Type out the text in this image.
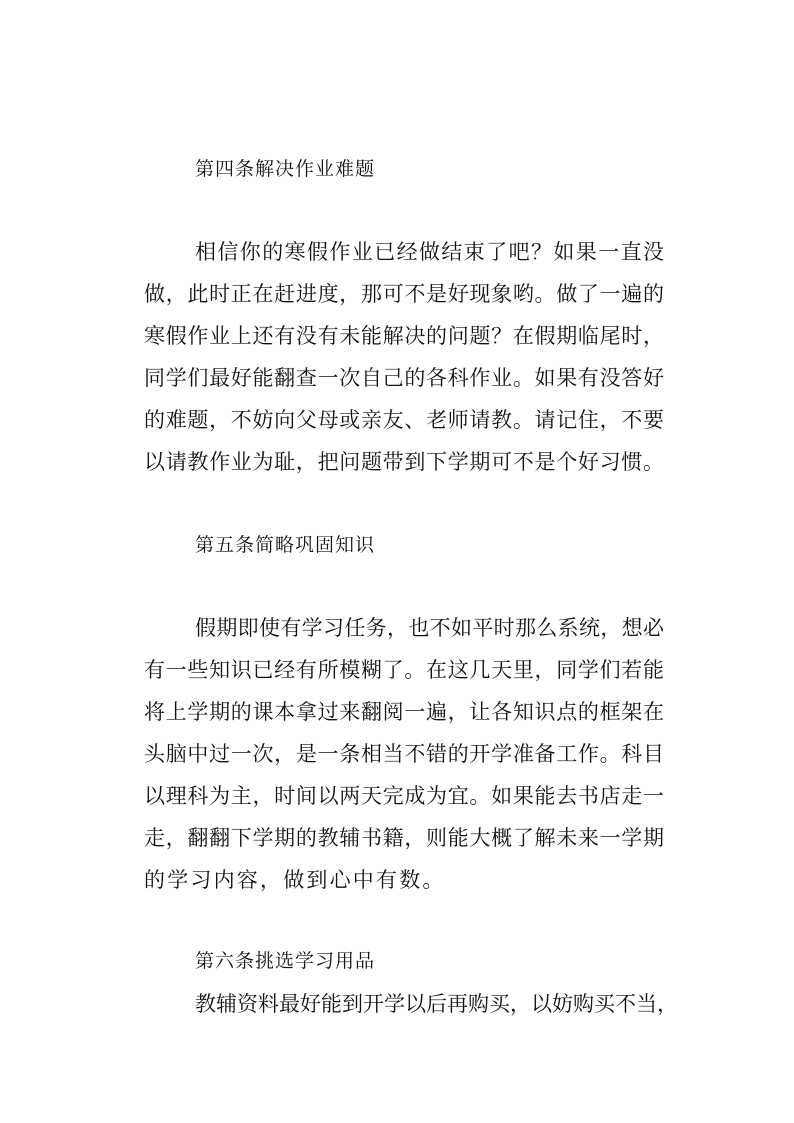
第四条解决作业难题
相信你的寒假作业已经做结束了吧？如果一直没
做，此时正在赶进度，那可不是好现象哟。做了一遍的
寒假作业上还有没有未能解决的问题？在假期临尾时，
同学们最好能翻查一次自己的各科作业。如果有没答好
的难题，不妨向父母或亲友、老师请教。请记住，不要
以请教作业为耻，把问题带到下学期可不是个好习惯。
第五条简略巩固知识
假期即使有学习任务，也不如平时那么系统，想必
有一些知识已经有所模糊了。在这几天里，同学们若能
将上学期的课本拿过来翻阅一遍，让各知识点的框架在
头脑中过一次，是一条相当不错的开学准备工作。科目
以理科为主，时间以两天完成为宜。如果能去书店走一
走，翻翻下学期的教辅书籍，则能大概了解未来一学期
的学习内容，做到心中有数。
第六条挑选学习用品
教辅资料最好能到开学以后再购买，以妨购买不当，
